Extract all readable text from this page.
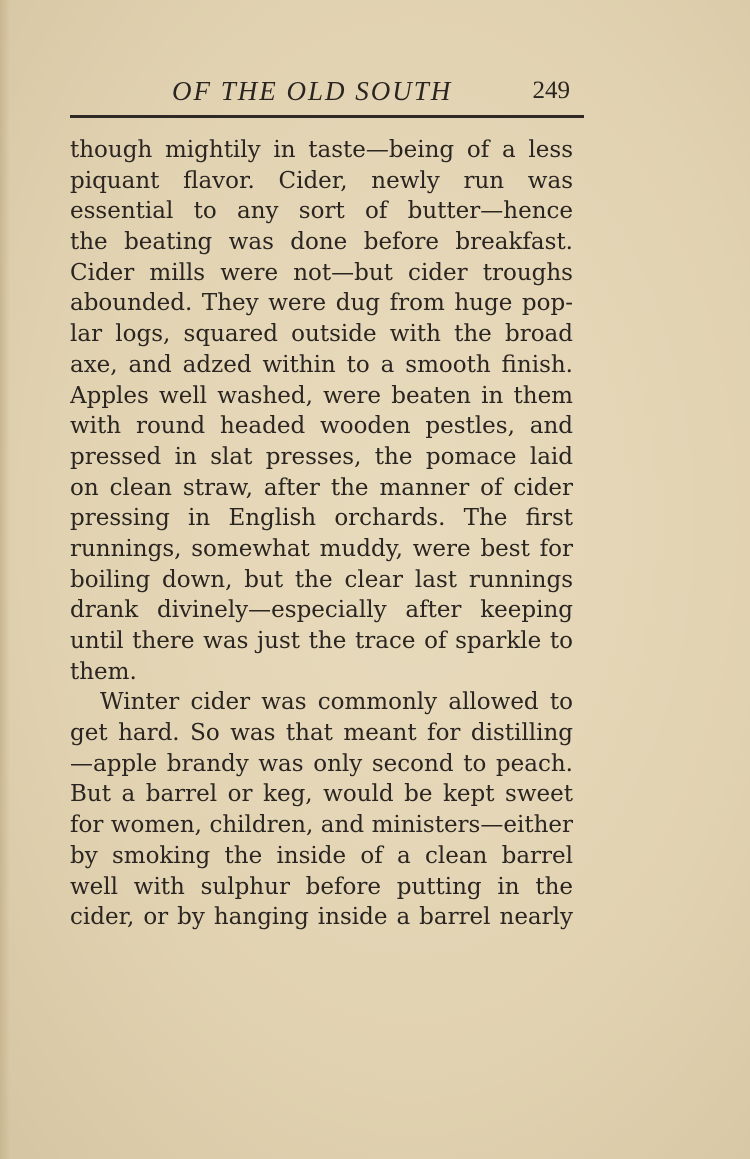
OF THE OLD SOUTH	249
though mightily in taste—being of a less
piquant flavor. Cider, newly run was
essential to any sort of butter—hence
the beating was done before breakfast.
Cider mills were not—but cider troughs
abounded. They were dug from huge pop-
lar logs, squared outside with the broad
axe, and adzed within to a smooth finish.
Apples well washed, were beaten in them
with round headed wooden pestles, and
pressed in slat presses, the pomace laid
on clean straw, after the manner of cider
pressing in English orchards. The first
runnings, somewhat muddy, were best for
boiling down, but the clear last runnings
drank divinely—especially after keeping
until there was just the trace of sparkle to
them.
Winter cider was commonly allowed to
get hard. So was that meant for distilling
—apple brandy was only second to peach.
But a barrel or keg, would be kept sweet
for women, children, and ministers—either
by smoking the inside of a clean barrel
well with sulphur before putting in the
cider, or by hanging inside a barrel nearly
